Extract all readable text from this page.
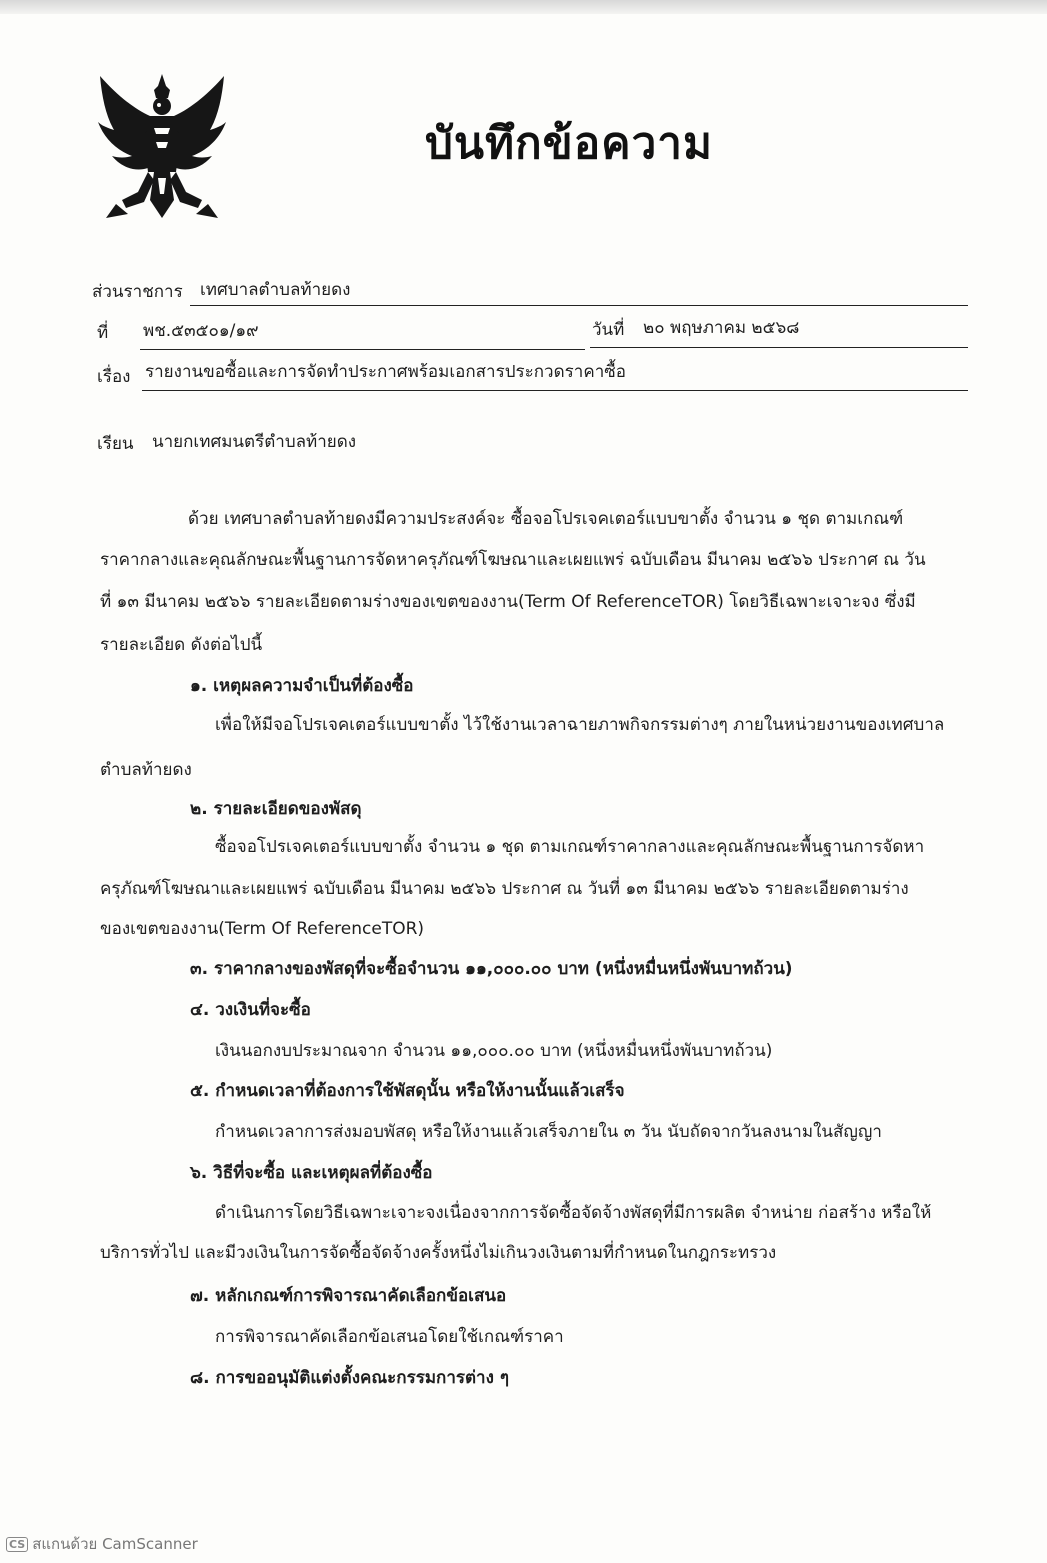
บันทึกข้อความ
ส่วนราชการ เทศบาลตำบลท้ายดง
ที่ พช.๕๓๕๐๑/๑๙	วันที่ ๒๐ พฤษภาคม ๒๕๖๘
เรื่อง รายงานขอซื้อและการจัดทำประกาศพร้อมเอกสารประกวดราคาซื้อ
เรียน นายกเทศมนตรีตำบลท้ายดง
ด้วย เทศบาลตำบลท้ายดงมีความประสงค์จะ ซื้อจอโปรเจคเตอร์แบบขาตั้ง จำนวน ๑ ชุด ตามเกณฑ์
ราคากลางและคุณลักษณะพื้นฐานการจัดหาครุภัณฑ์โฆษณาและเผยแพร่ ฉบับเดือน มีนาคม ๒๕๖๖ ประกาศ ณ วัน
ที่ ๑๓ มีนาคม ๒๕๖๖ รายละเอียดตามร่างของเขตของงาน(Term Of ReferenceTOR) โดยวิธีเฉพาะเจาะจง ซึ่งมี
รายละเอียด ดังต่อไปนี้
๑. เหตุผลความจำเป็นที่ต้องซื้อ
เพื่อให้มีจอโปรเจคเตอร์แบบขาตั้ง ไว้ใช้งานเวลาฉายภาพกิจกรรมต่างๆ ภายในหน่วยงานของเทศบาล
ตำบลท้ายดง
๒. รายละเอียดของพัสดุ
ซื้อจอโปรเจคเตอร์แบบขาตั้ง จำนวน ๑ ชุด ตามเกณฑ์ราคากลางและคุณลักษณะพื้นฐานการจัดหา
ครุภัณฑ์โฆษณาและเผยแพร่ ฉบับเดือน มีนาคม ๒๕๖๖ ประกาศ ณ วันที่ ๑๓ มีนาคม ๒๕๖๖ รายละเอียดตามร่าง
ของเขตของงาน(Term Of ReferenceTOR)
๓. ราคากลางของพัสดุที่จะซื้อจำนวน ๑๑,๐๐๐.๐๐ บาท (หนึ่งหมื่นหนึ่งพันบาทถ้วน)
๔. วงเงินที่จะซื้อ
เงินนอกงบประมาณจาก จำนวน ๑๑,๐๐๐.๐๐ บาท (หนึ่งหมื่นหนึ่งพันบาทถ้วน)
๕. กำหนดเวลาที่ต้องการใช้พัสดุนั้น หรือให้งานนั้นแล้วเสร็จ
กำหนดเวลาการส่งมอบพัสดุ หรือให้งานแล้วเสร็จภายใน ๓ วัน นับถัดจากวันลงนามในสัญญา
๖. วิธีที่จะซื้อ และเหตุผลที่ต้องซื้อ
ดำเนินการโดยวิธีเฉพาะเจาะจงเนื่องจากการจัดซื้อจัดจ้างพัสดุที่มีการผลิต จำหน่าย ก่อสร้าง หรือให้
บริการทั่วไป และมีวงเงินในการจัดซื้อจัดจ้างครั้งหนึ่งไม่เกินวงเงินตามที่กำหนดในกฎกระทรวง
๗. หลักเกณฑ์การพิจารณาคัดเลือกข้อเสนอ
การพิจารณาคัดเลือกข้อเสนอโดยใช้เกณฑ์ราคา
๘. การขออนุมัติแต่งตั้งคณะกรรมการต่าง ๆ
CS สแกนด้วย CamScanner
